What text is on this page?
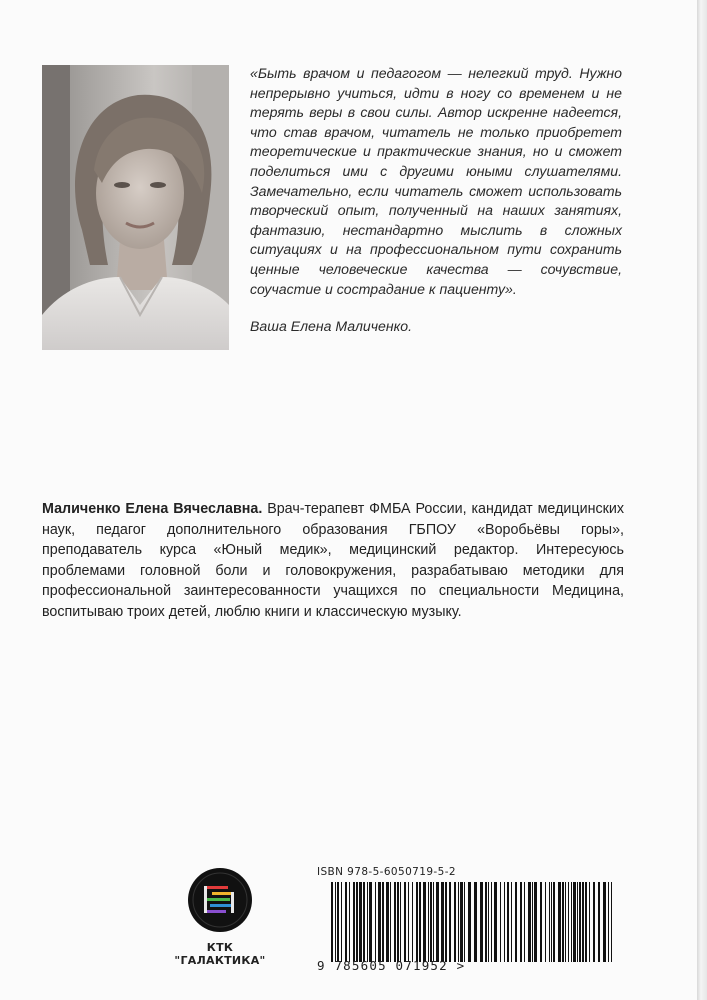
«Быть врачом и педагогом — нелегкий труд. Нужно непрерывно учиться, идти в ногу со временем и не терять веры в свои силы. Автор искренне надеется, что став врачом, читатель не только приобретет теоретические и практические знания, но и сможет поделиться ими с другими юными слушателями. Замечательно, если читатель сможет использовать творческий опыт, полученный на наших занятиях, фантазию, нестандартно мыслить в сложных ситуациях и на профессиональном пути сохранить ценные человеческие качества — сочувствие, соучастие и сострадание к пациенту».

Ваша Елена Маличенко.

Маличенко Елена Вячеславна. Врач-терапевт ФМБА России, кандидат медицинских наук, педагог дополнительного образования ГБПОУ «Воробьёвы горы», преподаватель курса «Юный медик», медицинский редактор. Интересуюсь проблемами головной боли и головокружения, разрабатываю методики для профессиональной заинтересованности учащихся по специальности Медицина, воспитываю троих детей, люблю книги и классическую музыку.
КТК "ГАЛАКТИКА"
ISBN 978-5-6050719-5-2
9 785605 071952 >
